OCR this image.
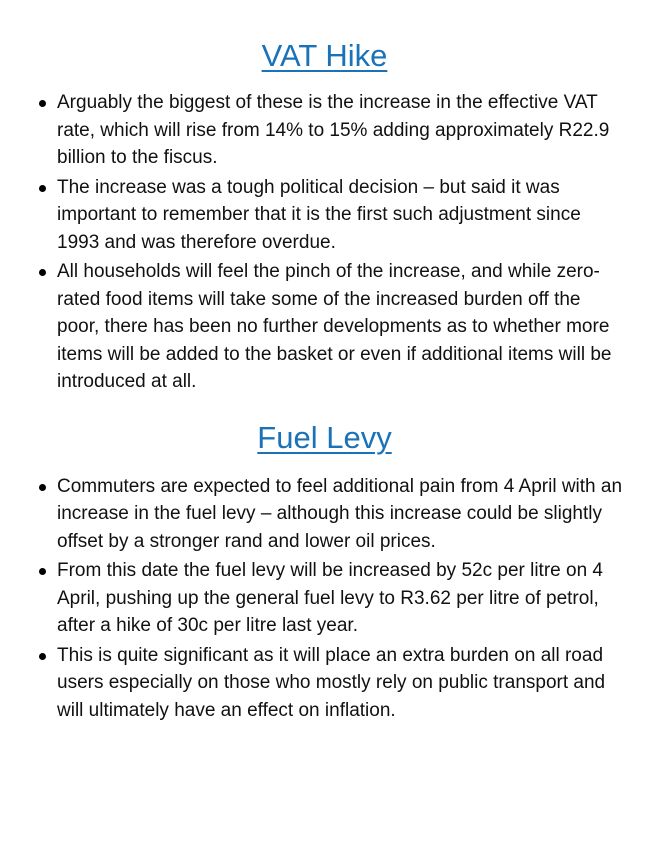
VAT Hike
Arguably the biggest of these is the increase in the effective VAT rate, which will rise from 14% to 15% adding approximately R22.9 billion to the fiscus.
The increase was a tough political decision – but said it was important to remember that it is the first such adjustment since 1993 and was therefore overdue.
All households will feel the pinch of the increase, and while zero-rated food items will take some of the increased burden off the poor, there has been no further developments as to whether more items will be added to the basket or even if additional items will be introduced at all.
Fuel Levy
Commuters are expected to feel additional pain from 4 April with an increase in the fuel levy – although this increase could be slightly offset by a stronger rand and lower oil prices.
From this date the fuel levy will be increased by 52c per litre on 4 April, pushing up the general fuel levy to R3.62 per litre of petrol, after a hike of 30c per litre last year.
This is quite significant as it will place an extra burden on all road users especially on those who mostly rely on public transport and will ultimately have an effect on inflation.
